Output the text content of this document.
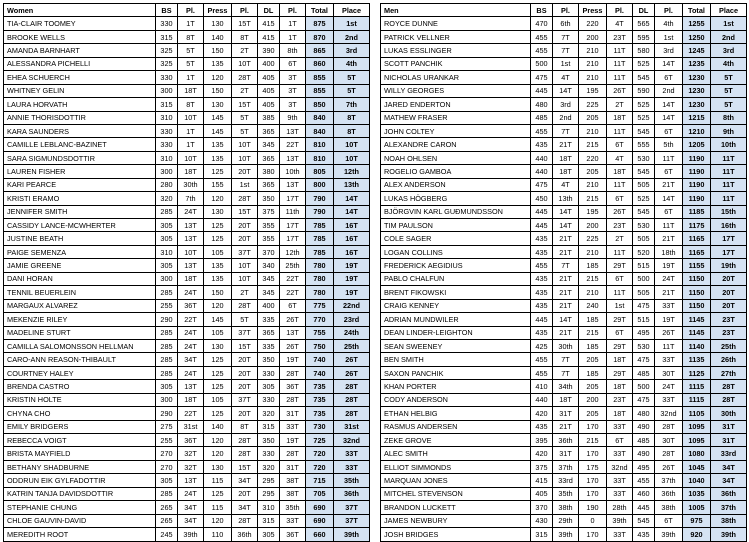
Women	BS	Pl.	Press	Pl.	DL	Pl.	Total	Place
TIA-CLAIR TOOMEY	330	1T	130	15T	415	1T	875	1st
BROOKE WELLS	315	8T	140	8T	415	1T	870	2nd
AMANDA BARNHART	325	5T	150	2T	390	8th	865	3rd
ALESSANDRA PICHELLI	325	5T	135	10T	400	6T	860	4th
EHEA SCHUERCH	330	1T	120	28T	405	3T	855	5T
WHITNEY GELIN	300	18T	150	2T	405	3T	855	5T
LAURA HORVATH	315	8T	130	15T	405	3T	850	7th
ANNIE THORISDOTTIR	310	10T	145	5T	385	9th	840	8T
KARA SAUNDERS	330	1T	145	5T	365	13T	840	8T
CAMILLE LEBLANC-BAZINET	330	1T	135	10T	345	22T	810	10T
SARA SIGMUNDSDOTTIR	310	10T	135	10T	365	13T	810	10T
LAUREN FISHER	300	18T	125	20T	380	10th	805	12th
KARI PEARCE	280	30th	155	1st	365	13T	800	13th
KRISTI ERAMO	320	7th	120	28T	350	17T	790	14T
JENNIFER SMITH	285	24T	130	15T	375	11th	790	14T
CASSIDY LANCE-MCWHERTER	305	13T	125	20T	355	17T	785	16T
JUSTINE BEATH	305	13T	125	20T	355	17T	785	16T
PAIGE SEMENZA	310	10T	105	37T	370	12th	785	16T
JAMIE GREENE	305	13T	135	10T	340	25th	780	19T
DANI HORAN	300	18T	135	10T	345	22T	780	19T
TENNIL BEUERLEIN	285	24T	150	2T	345	22T	780	19T
MARGAUX ALVAREZ	255	36T	120	28T	400	6T	775	22nd
MEKENZIE RILEY	290	22T	145	5T	335	26T	770	23rd
MADELINE STURT	285	24T	105	37T	365	13T	755	24th
CAMILLA SALOMONSSON HELLMAN	285	24T	130	15T	335	26T	750	25th
CARO-ANN REASON-THIBAULT	285	34T	125	20T	350	19T	740	26T
COURTNEY HALEY	285	24T	125	20T	330	28T	740	26T
BRENDA CASTRO	305	13T	125	20T	305	36T	735	28T
KRISTIN HOLTE	300	18T	105	37T	330	28T	735	28T
CHYNA CHO	290	22T	125	20T	320	31T	735	28T
EMILY BRIDGERS	275	31st	140	8T	315	33T	730	31st
REBECCA VOIGT	255	36T	120	28T	350	19T	725	32nd
BRISTA MAYFIELD	270	32T	120	28T	330	28T	720	33T
BETHANY SHADBURNE	270	32T	130	15T	320	31T	720	33T
ODDRUN EIK GYLFADOTTIR	305	13T	115	34T	295	38T	715	35th
KATRIN TANJA DAVIDSDOTTIR	285	24T	125	20T	295	38T	705	36th
STEPHANIE CHUNG	265	34T	115	34T	310	35th	690	37T
CHLOE GAUVIN-DAVID	265	34T	120	28T	315	33T	690	37T
MEREDITH ROOT	245	39th	110	36th	305	36T	660	39th
Men	BS	Pl.	Press	Pl.	DL	Pl.	Total	Place
ROYCE DUNNE	470	6th	220	4T	565	4th	1255	1st
PATRICK VELLNER	455	7T	200	23T	595	1st	1250	2nd
LUKAS ESSLINGER	455	7T	210	11T	580	3rd	1245	3rd
SCOTT PANCHIK	500	1st	210	11T	525	14T	1235	4th
NICHOLAS URANKAR	475	4T	210	11T	545	6T	1230	5T
WILLY GEORGES	445	14T	195	26T	590	2nd	1230	5T
JARED ENDERTON	480	3rd	225	2T	525	14T	1230	5T
MATHEW FRASER	485	2nd	205	18T	525	14T	1215	8th
JOHN COLTEY	455	7T	210	11T	545	6T	1210	9th
ALEXANDRE CARON	435	21T	215	6T	555	5th	1205	10th
NOAH OHLSEN	440	18T	220	4T	530	11T	1190	11T
ROGELIO GAMBOA	440	18T	205	18T	545	6T	1190	11T
ALEX ANDERSON	475	4T	210	11T	505	21T	1190	11T
LUKAS HÖGBERG	450	13th	215	6T	525	14T	1190	11T
BJÖRGVIN KARL GUÐMUNDSSON	445	14T	195	26T	545	6T	1185	15th
TIM PAULSON	445	14T	200	23T	530	11T	1175	16th
COLE SAGER	435	21T	225	2T	505	21T	1165	17T
LOGAN COLLINS	435	21T	210	11T	520	18th	1165	17T
FREDERICK AEGIDIUS	455	7T	185	29T	515	19T	1155	19th
PABLO CHALFUN	435	21T	215	6T	500	24T	1150	20T
BRENT FIKOWSKI	435	21T	210	11T	505	21T	1150	20T
CRAIG KENNEY	435	21T	240	1st	475	33T	1150	20T
ADRIAN MUNDWILER	445	14T	185	29T	515	19T	1145	23T
DEAN LINDER-LEIGHTON	435	21T	215	6T	495	26T	1145	23T
SEAN SWEENEY	425	30th	185	29T	530	11T	1140	25th
BEN SMITH	455	7T	205	18T	475	33T	1135	26th
SAXON PANCHIK	455	7T	185	29T	485	30T	1125	27th
KHAN PORTER	410	34th	205	18T	500	24T	1115	28T
CODY ANDERSON	440	18T	200	23T	475	33T	1115	28T
ETHAN HELBIG	420	31T	205	18T	480	32nd	1105	30th
RASMUS ANDERSEN	435	21T	170	33T	490	28T	1095	31T
ZEKE GROVE	395	36th	215	6T	485	30T	1095	31T
ALEC SMITH	420	31T	170	33T	490	28T	1080	33rd
ELLIOT SIMMONDS	375	37th	175	32nd	495	26T	1045	34T
MARQUAN JONES	415	33rd	170	33T	455	37th	1040	34T
MITCHEL STEVENSON	405	35th	170	33T	460	36th	1035	36th
BRANDON LUCKETT	370	38th	190	28th	445	38th	1005	37th
JAMES NEWBURY	430	29th	0	39th	545	6T	975	38th
JOSH BRIDGES	315	39th	170	33T	435	39th	920	39th
